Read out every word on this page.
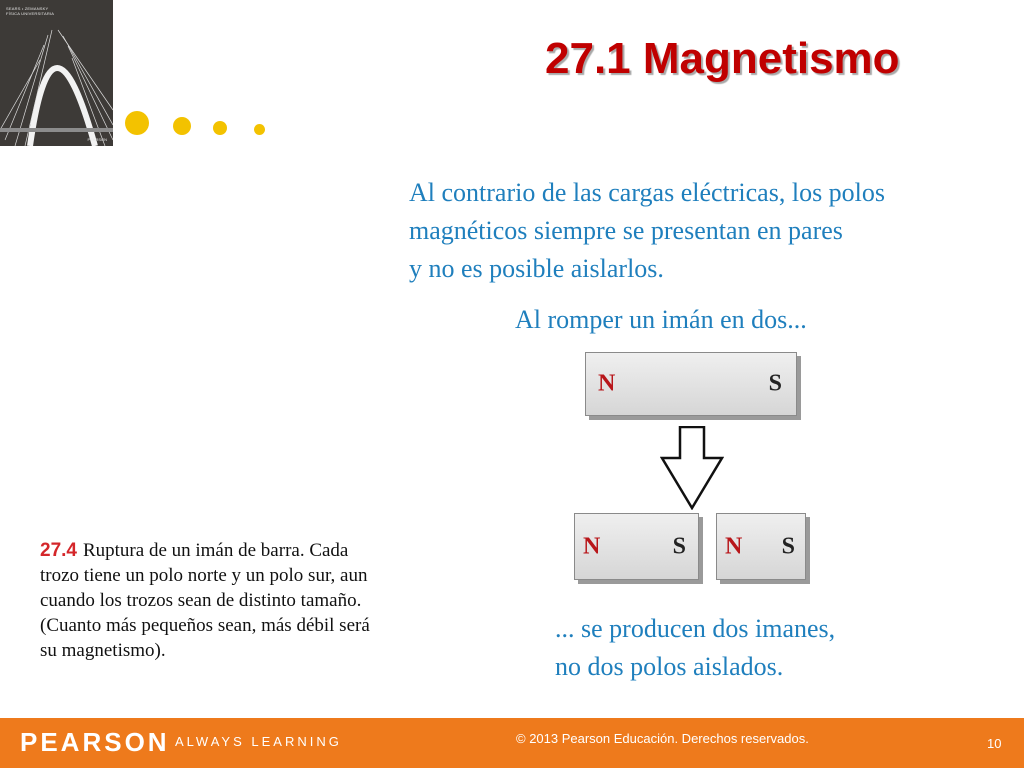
SEARS • ZEMANSKY
FÍSICA UNIVERSITARIA
PEARSON
27.1 Magnetismo
Al contrario de las cargas eléctricas, los polos
magnéticos siempre se presentan en pares
y no es posible aislarlos.
Al romper un imán en dos...
N	S
N	S N S
... se producen dos imanes,
no dos polos aislados.
27.4 Ruptura de un imán de barra. Cada
trozo tiene un polo norte y un polo sur, aun
cuando los trozos sean de distinto tamaño.
(Cuanto más pequeños sean, más débil será
su magnetismo).
PEARSON ALWAYS LEARNING	© 2013 Pearson Educación. Derechos reservados.	10
